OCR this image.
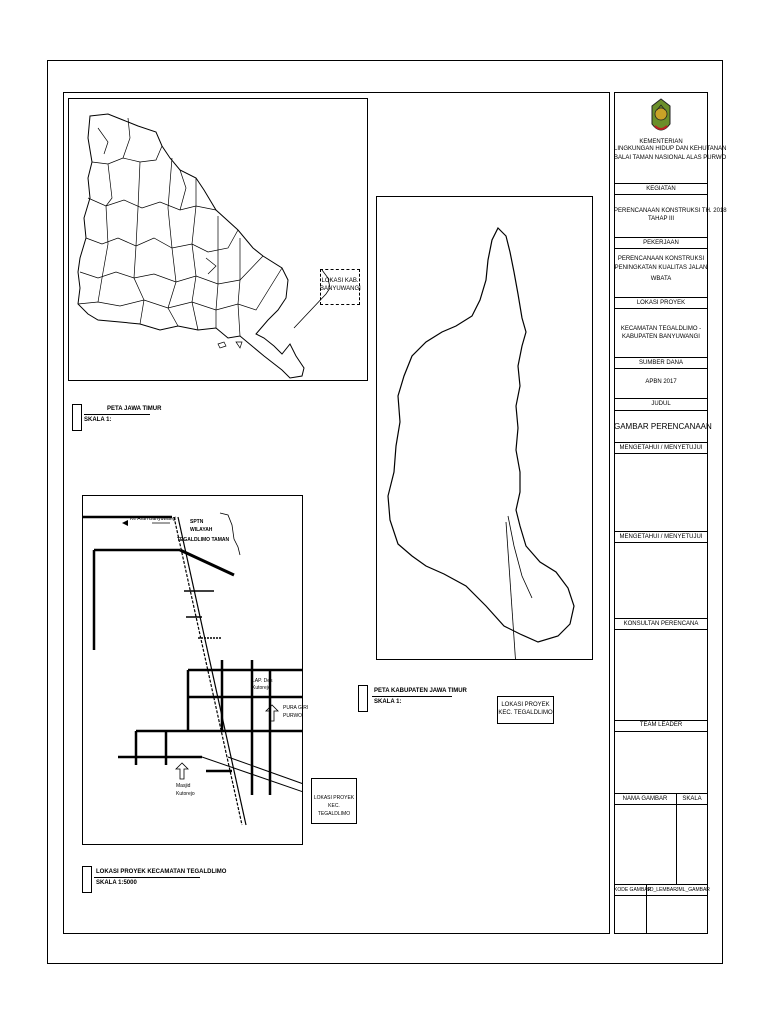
KEMENTERIAN
LINGKUNGAN HIDUP DAN KEHUTANAN
BALAI TAMAN NASIONAL ALAS PURWO
KEGIATAN
PERENCANAAN KONSTRUKSI TH. 2018
TAHAP III
PEKERJAAN
PERENCANAAN KONSTRUKSI
PENINGKATAN KUALITAS JALAN
WBATA
LOKASI PROYEK
KECAMATAN TEGALDLIMO -
KABUPATEN BANYUWANGI
SUMBER DANA
APBN 2017
JUDUL
GAMBAR PERENCANAAN
MENGETAHUI / MENYETUJUI
MENGETAHUI / MENYETUJUI
KONSULTAN PERENCANA
TEAM LEADER
NAMA GAMBAR	SKALA
KODE GAMBAR
NO_LEMBAR JML_GAMBAR
LOKASI KAB.
BANYUWANGI
PETA JAWA TIMUR
SKALA 1:
LOKASI PROYEK
KEC. TEGALDLIMO
PETA KABUPATEN JAWA TIMUR
SKALA 1:
Ke Arah Banyuwangi	SPTN
WILAYAH
TEGALDLIMO TAMAN
LAP. Des
Kutorejo
PURA GIRI
PURWO
Masjid
Kutorejo
LOKASI PROYEK
KEC.
TEGALDLIMO
LOKASI PROYEK KECAMATAN TEGALDLIMO
SKALA 1:5000
